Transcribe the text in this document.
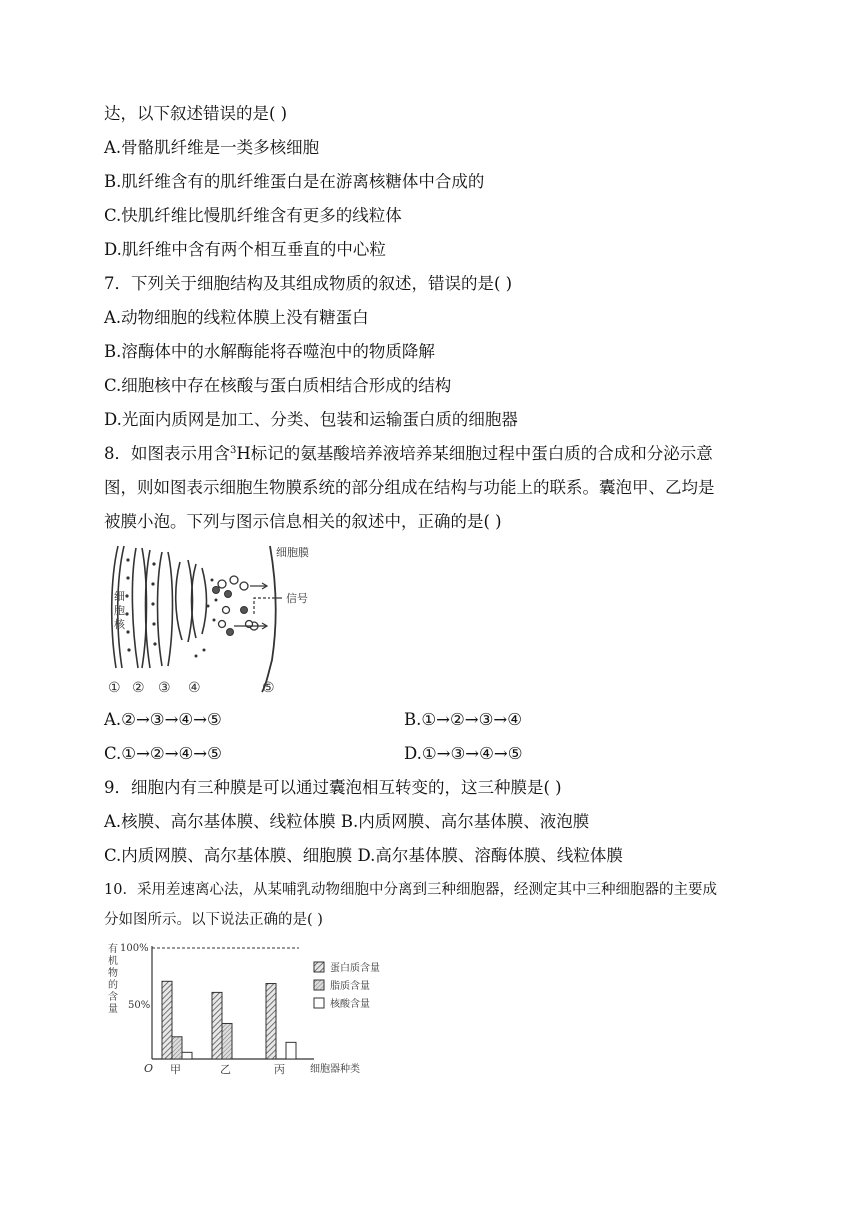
达，以下叙述错误的是( )
A.骨骼肌纤维是一类多核细胞
B.肌纤维含有的肌纤维蛋白是在游离核糖体中合成的
C.快肌纤维比慢肌纤维含有更多的线粒体
D.肌纤维中含有两个相互垂直的中心粒
7．下列关于细胞结构及其组成物质的叙述，错误的是( )
A.动物细胞的线粒体膜上没有糖蛋白
B.溶酶体中的水解酶能将吞噬泡中的物质降解
C.细胞核中存在核酸与蛋白质相结合形成的结构
D.光面内质网是加工、分类、包装和运输蛋白质的细胞器
8．如图表示用含$^3$H标记的氨基酸培养液培养某细胞过程中蛋白质的合成和分泌示意
图，则如图表示细胞生物膜系统的部分组成在结构与功能上的联系。囊泡甲、乙均是
被膜小泡。下列与图示信息相关的叙述中，正确的是( )
细
胞
核
细胞膜
信号
① ② ③ ④	⑤
A.②→③→④→⑤	B.①→②→③→④
C.①→②→④→⑤	D.①→③→④→⑤
9．细胞内有三种膜是可以通过囊泡相互转变的，这三种膜是( )
A.核膜、高尔基体膜、线粒体膜 B.内质网膜、高尔基体膜、液泡膜
C.内质网膜、高尔基体膜、细胞膜 D.高尔基体膜、溶酶体膜、线粒体膜
10．采用差速离心法，从某哺乳动物细胞中分离到三种细胞器，经测定其中三种细胞器的主要成
分如图所示。以下说法正确的是( )
有
机
物
的
含
量
100%
50%
O	细胞器种类
甲	乙	丙
蛋白质含量
脂质含量
核酸含量
